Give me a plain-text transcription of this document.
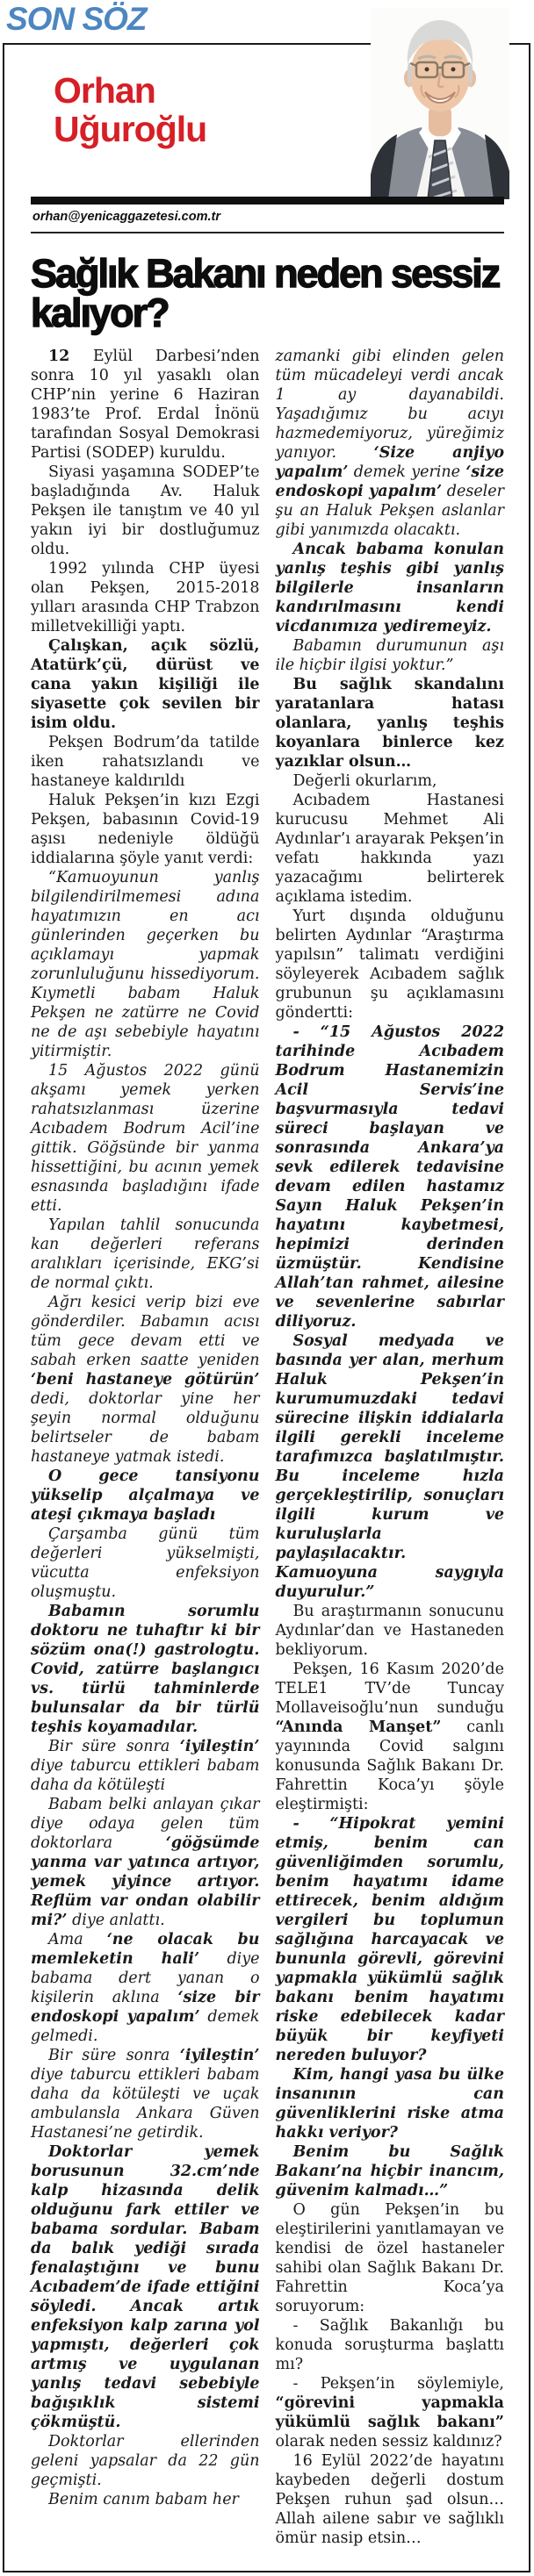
SON SÖZ
Orhan
Uğuroğlu
orhan@yenicaggazetesi.com.tr
Sağlık Bakanı neden sessiz kalıyor?

12 Eylül Darbesi’nden sonra 10 yıl yasaklı olan CHP’nin yerine 6 Haziran 1983’te Prof. Erdal İnönü tarafından Sosyal Demokrasi Partisi (SODEP) kuruldu.

Siyasi yaşamına SODEP’te başladığında Av. Haluk Pekşen ile tanıştım ve 40 yıl yakın iyi bir dostluğumuz oldu.

1992 yılında CHP üyesi olan Pekşen, 2015-2018 yılları arasında CHP Trabzon milletvekilliği yaptı.

Çalışkan, açık sözlü, Atatürk’çü, dürüst ve cana yakın kişiliği ile siyasette çok sevilen bir isim oldu.

Pekşen Bodrum’da tatilde iken rahatsızlandı ve hastaneye kaldırıldı

Haluk Pekşen’in kızı Ezgi Pekşen, babasının Covid-19 aşısı nedeniyle öldüğü iddialarına şöyle yanıt verdi:

“Kamuoyunun yanlış bilgilendirilmemesi adına hayatımızın en acı günlerinden geçerken bu açıklamayı yapmak zorunluluğunu hissediyorum. Kıymetli babam Haluk Pekşen ne zatürre ne Covid ne de aşı sebebiyle hayatını yitirmiştir.

15 Ağustos 2022 günü akşamı yemek yerken rahatsızlanması üzerine Acıbadem Bodrum Acil’ine gittik. Göğsünde bir yanma hissettiğini, bu acının yemek esnasında başladığını ifade etti.

Yapılan tahlil sonucunda kan değerleri referans aralıkları içerisinde, EKG’si de normal çıktı.

Ağrı kesici verip bizi eve gönderdiler. Babamın acısı tüm gece devam etti ve sabah erken saatte yeniden ‘beni hastaneye götürün’ dedi, doktorlar yine her şeyin normal olduğunu belirtseler de babam hastaneye yatmak istedi.

O gece tansiyonu yükselip alçalmaya ve ateşi çıkmaya başladı

Çarşamba günü tüm değerleri yükselmişti, vücutta enfeksiyon oluşmuştu.

Babamın sorumlu doktoru ne tuhaftır ki bir sözüm ona(!) gastrologtu. Covid, zatürre başlangıcı vs. türlü tahminlerde bulunsalar da bir türlü teşhis koyamadılar.

Bir süre sonra ‘iyileştin’ diye taburcu ettikleri babam daha da kötüleşti

Babam belki anlayan çıkar diye odaya gelen tüm doktorlara ‘göğsümde yanma var yatınca artıyor, yemek yiyince artıyor. Reflüm var ondan olabilir mi?’ diye anlattı.

Ama ‘ne olacak bu memleketin hali’ diye babama dert yanan o kişilerin aklına ‘size bir endoskopi yapalım’ demek gelmedi.

Bir süre sonra ‘iyileştin’ diye taburcu ettikleri babam daha da kötüleşti ve uçak ambulansla Ankara Güven Hastanesi’ne getirdik.

Doktorlar yemek borusunun 32.cm’nde kalp hizasında delik olduğunu fark ettiler ve babama sordular. Babam da balık yediği sırada fenalaştığını ve bunu Acıbadem’de ifade ettiğini söyledi. Ancak artık enfeksiyon kalp zarına yol yapmıştı, değerleri çok artmış ve uygulanan yanlış tedavi sebebiyle bağışıklık sistemi çökmüştü.

Doktorlar ellerinden geleni yapsalar da 22 gün geçmişti.

Benim canım babam her

zamanki gibi elinden gelen tüm mücadeleyi verdi ancak 1 ay dayanabildi. Yaşadığımız bu acıyı hazmedemiyoruz, yüreğimiz yanıyor. ‘Size anjiyo yapalım’ demek yerine ‘size endoskopi yapalım’ deseler şu an Haluk Pekşen aslanlar gibi yanımızda olacaktı.

Ancak babama konulan yanlış teşhis gibi yanlış bilgilerle insanların kandırılmasını kendi vicdanımıza yediremeyiz.

Babamın durumunun aşı ile hiçbir ilgisi yoktur.”

Bu sağlık skandalını yaratanlara hatası olanlara, yanlış teşhis koyanlara binlerce kez yazıklar olsun…

Değerli okurlarım,

Acıbadem Hastanesi kurucusu Mehmet Ali Aydınlar’ı arayarak Pekşen’in vefatı hakkında yazı yazacağımı belirterek açıklama istedim.

Yurt dışında olduğunu belirten Aydınlar “Araştırma yapılsın” talimatı verdiğini söyleyerek Acıbadem sağlık grubunun şu açıklamasını göndertti:

- “15 Ağustos 2022 tarihinde Acıbadem Bodrum Hastanemizin Acil Servis’ine başvurmasıyla tedavi süreci başlayan ve sonrasında Ankara’ya sevk edilerek tedavisine devam edilen hastamız Sayın Haluk Pekşen’in hayatını kaybetmesi, hepimizi derinden üzmüştür. Kendisine Allah’tan rahmet, ailesine ve sevenlerine sabırlar diliyoruz.

Sosyal medyada ve basında yer alan, merhum Haluk Pekşen’in kurumumuzdaki tedavi sürecine ilişkin iddialarla ilgili gerekli inceleme tarafımızca başlatılmıştır. Bu inceleme hızla gerçekleştirilip, sonuçları ilgili kurum ve kuruluşlarla paylaşılacaktır. Kamuoyuna saygıyla duyurulur.”

Bu araştırmanın sonucunu Aydınlar’dan ve Hastaneden bekliyorum.

Pekşen, 16 Kasım 2020’de TELE1 TV’de Tuncay Mollaveisoğlu’nun sunduğu “Anında Manşet” canlı yayınında Covid salgını konusunda Sağlık Bakanı Dr. Fahrettin Koca’yı şöyle eleştirmişti:

- “Hipokrat yemini etmiş, benim can güvenliğimden sorumlu, benim hayatımı idame ettirecek, benim aldığım vergileri bu toplumun sağlığına harcayacak ve bununla görevli, görevini yapmakla yükümlü sağlık bakanı benim hayatımı riske edebilecek kadar büyük bir keyfiyeti nereden buluyor?

Kim, hangi yasa bu ülke insanının can güvenliklerini riske atma hakkı veriyor?

Benim bu Sağlık Bakanı’na hiçbir inancım, güvenim kalmadı…”

O gün Pekşen’in bu eleştirilerini yanıtlamayan ve kendisi de özel hastaneler sahibi olan Sağlık Bakanı Dr. Fahrettin Koca’ya soruyorum:

- Sağlık Bakanlığı bu konuda soruşturma başlattı mı?

- Pekşen’in söylemiyle, “görevini yapmakla yükümlü sağlık bakanı” olarak neden sessiz kaldınız?

16 Eylül 2022’de hayatını kaybeden değerli dostum Pekşen ruhun şad olsun… Allah ailene sabır ve sağlıklı ömür nasip etsin…
